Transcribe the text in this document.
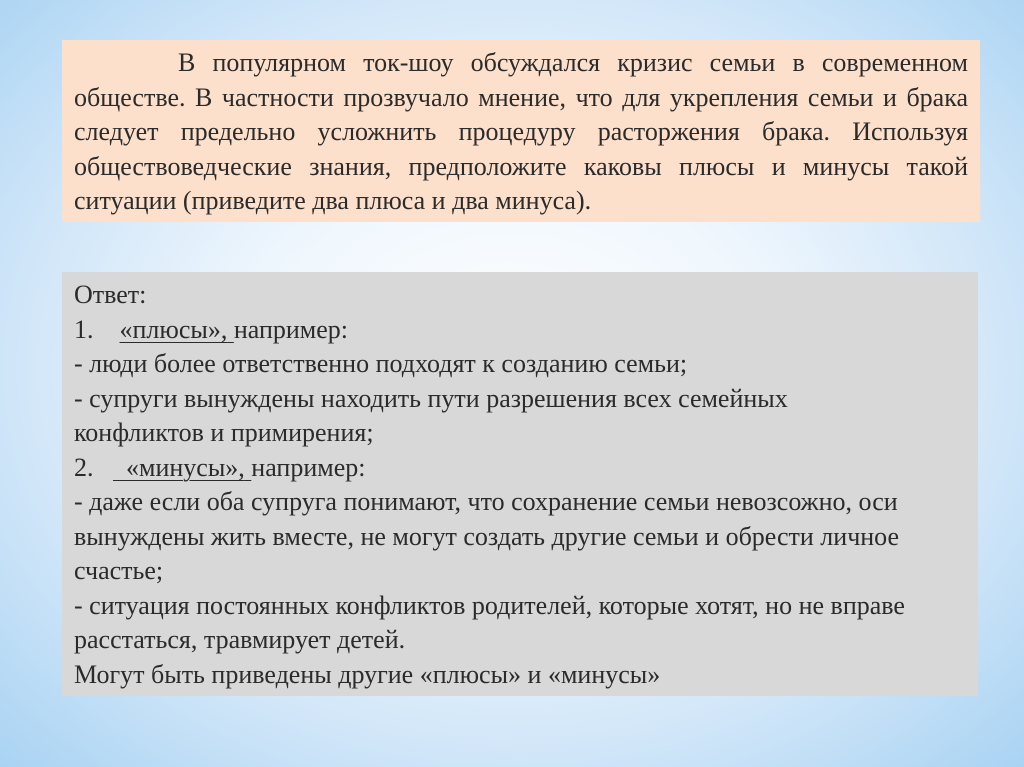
В популярном ток-шоу обсуждался кризис семьи в современном обществе. В частности прозвучало мнение, что для укрепления семьи и брака следует предельно усложнить процедуру расторжения брака. Используя обществоведческие знания, предположите каковы плюсы и минусы такой ситуации (приведите два плюса и два минуса).

Ответ:

1. «плюсы», например:

- люди более ответственно подходят к созданию семьи;

- супруги вынуждены находить пути разрешения всех семейных конфликтов и примирения;

2. «минусы», например:

- даже если оба супруга понимают, что сохранение семьи невозсожно, оси вынуждены жить вместе, не могут создать другие семьи и обрести личное счастье;

- ситуация постоянных конфликтов родителей, которые хотят, но не вправе расстаться, травмирует детей.

Могут быть приведены другие «плюсы» и «минусы»
